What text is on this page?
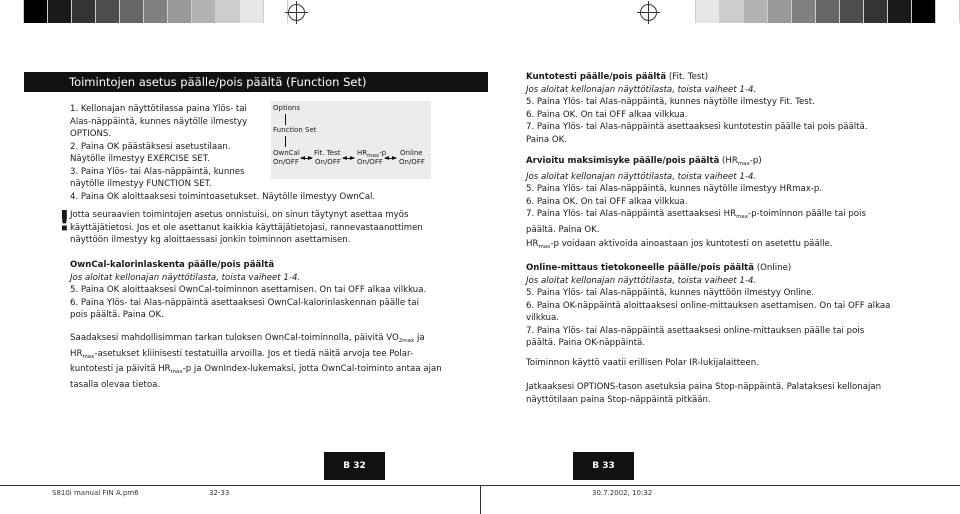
Toimintojen asetus päälle/pois päältä (Function Set)
1. Kellonajan näyttötilassa paina Ylös- tai
Alas-näppäintä, kunnes näytölle ilmestyy
OPTIONS.
2. Paina OK päästäksesi asetustilaan.
Näytölle ilmestyy EXERCISE SET.
3. Paina Ylös- tai Alas-näppäintä, kunnes
näytölle ilmestyy FUNCTION SET.
4. Paina OK aloittaaksesi toimintoasetukset. Näytölle ilmestyy OwnCal.
Options
Function Set
OwnCal
On/OFF
Fit. Test
On/OFF
$HR_{max}-p$
On/OFF
Online
On/OFF
! Jotta seuraavien toimintojen asetus onnistuisi, on sinun täytynyt asettaa myös
käyttäjätietosi. Jos et ole asettanut kaikkia käyttäjätietojasi, rannevastaanottimen
näyttöön ilmestyy kg aloittaessasi jonkin toiminnon asettamisen.
OwnCal-kalorinlaskenta päälle/pois päältä
Jos aloitat kellonajan näyttötilasta, toista vaiheet 1-4.
5. Paina OK aloittaaksesi OwnCal-toiminnon asettamisen. On tai OFF alkaa vilkkua.
6. Paina Ylös- tai Alas-näppäintä asettaaksesi OwnCal-kalorinlaskennan päälle tai
pois päältä. Paina OK.
Saadaksesi mahdollisimman tarkan tuloksen OwnCal-toiminnolla, päivitä $VO_{2max}$ ja
$HR_{max}$-asetukset kliinisesti testatuilla arvoilla. Jos et tiedä näitä arvoja tee Polar-
kuntotesti ja päivitä $HR_{max}-p$ ja OwnIndex-lukemaksi, jotta OwnCal-toiminto antaa ajan
tasalla olevaa tietoa.
Kuntotesti päälle/pois päältä (Fit. Test)
Jos aloitat kellonajan näyttötilasta, toista vaiheet 1-4.
5. Paina Ylös- tai Alas-näppäintä, kunnes näytölle ilmestyy Fit. Test.
6. Paina OK. On tai OFF alkaa vilkkua.
7. Paina Ylös- tai Alas-näppäintä asettaaksesi kuntotestin päälle tai pois päältä.
Paina OK.
Arvioitu maksimisyke päälle/pois päältä $(HR_{max}-p)$
Jos aloitat kellonajan näyttötilasta, toista vaiheet 1-4.
5. Paina Ylös- tai Alas-näppäintä, kunnes näytölle ilmestyy HRmax-p.
6. Paina OK. On tai OFF alkaa vilkkua.
7. Paina Ylös- tai Alas-näppäintä asettaaksesi $HR_{max}-p$-toiminnon päälle tai pois
päältä. Paina OK.
$HR_{max}-p$ voidaan aktivoida ainoastaan jos kuntotesti on asetettu päälle.
Online-mittaus tietokoneelle päälle/pois päältä (Online)
Jos aloitat kellonajan näyttötilasta, toista vaiheet 1-4.
5. Paina Ylös- tai Alas-näppäintä, kunnes näyttöön ilmestyy Online.
6. Paina OK-näppäintä aloittaaksesi online-mittauksen asettamisen. On tai OFF alkaa
vilkkua.
7. Paina Ylös- tai Alas-näppäintä asettaaksesi online-mittauksen päälle tai pois
päältä. Paina OK-näppäintä.
Toiminnon käyttö vaatii erillisen Polar IR-lukijalaitteen.
Jatkaaksesi OPTIONS-tason asetuksia paina Stop-näppäintä. Palataksesi kellonajan
näyttötilaan paina Stop-näppäintä pitkään.
B 32	B 33
S810i manual FIN A.pm6	32-33	30.7.2002, 10:32
